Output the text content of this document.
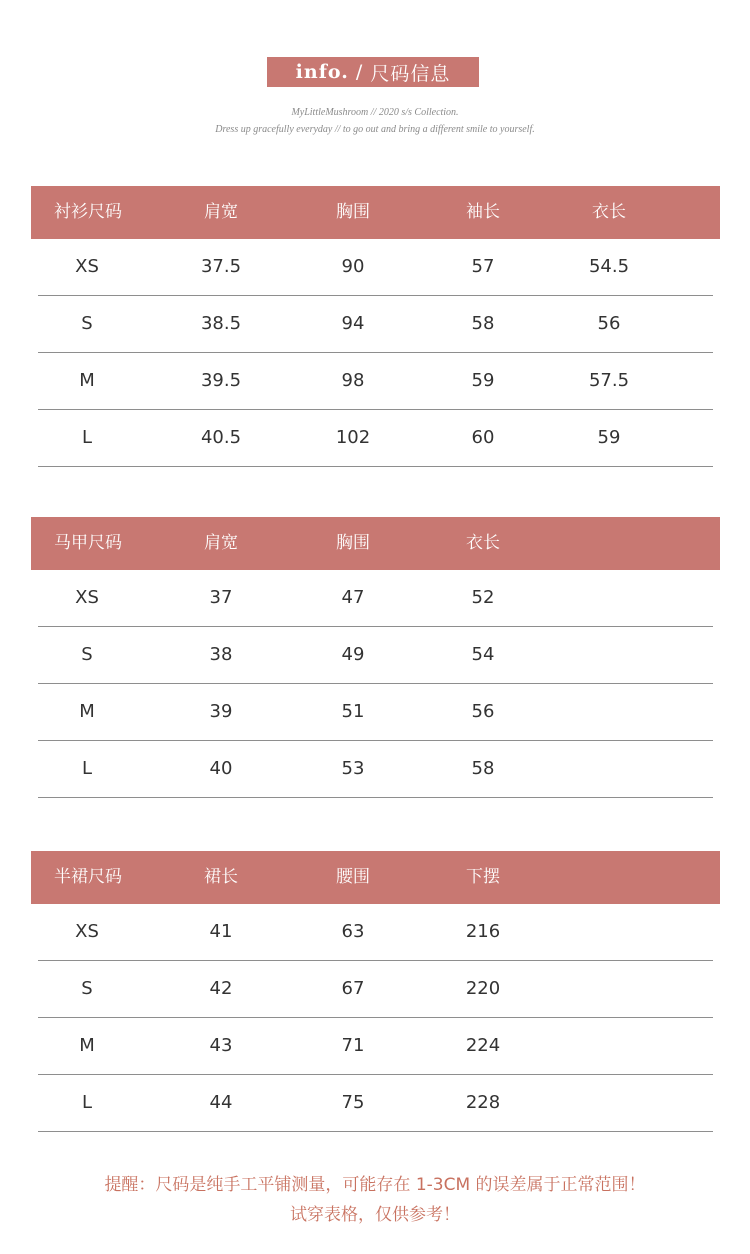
info. / 尺码信息
MyLittleMushroom // 2020 s/s Collection.
Dress up gracefully everyday // to go out and bring a different smile to yourself.
衬衫尺码	肩宽	胸围	袖长	衣长
XS	37.5	90	57	54.5
S	38.5	94	58	56
M	39.5	98	59	57.5
L	40.5	102	60	59
马甲尺码	肩宽	胸围	衣长
XS	37	47	52
S	38	49	54
M	39	51	56
L	40	53	58
半裙尺码	裙长	腰围	下摆
XS	41	63	216
S	42	67	220
M	43	71	224
L	44	75	228
提醒：尺码是纯手工平铺测量，可能存在 1-3CM 的误差属于正常范围！
试穿表格，仅供参考！
